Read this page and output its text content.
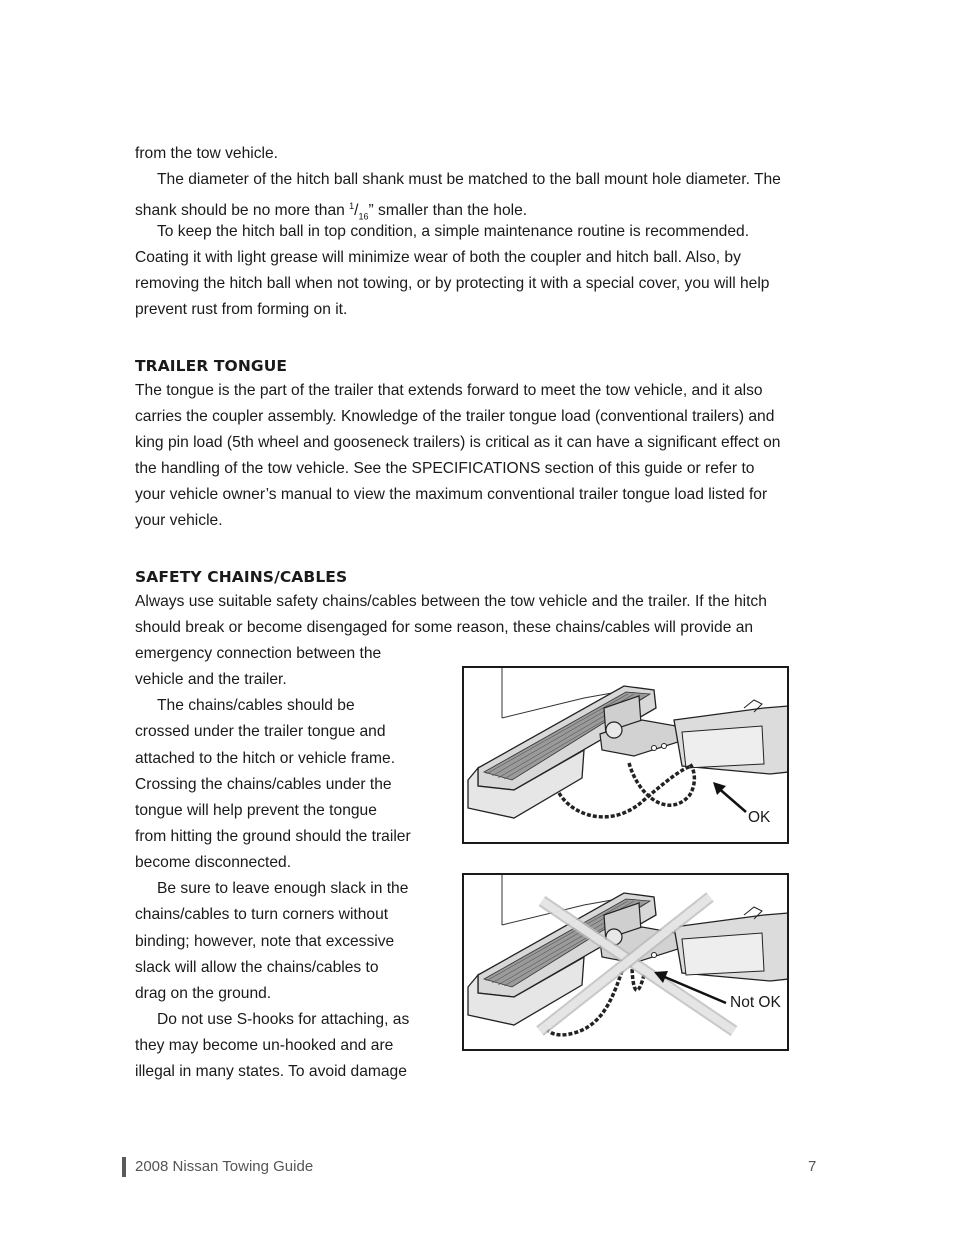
from the tow vehicle.
The diameter of the hitch ball shank must be matched to the ball mount hole diameter. The
shank should be no more than $^1/_{16}$” smaller than the hole.
To keep the hitch ball in top condition, a simple maintenance routine is recommended.
Coating it with light grease will minimize wear of both the coupler and hitch ball. Also, by
removing the hitch ball when not towing, or by protecting it with a special cover, you will help
prevent rust from forming on it.
TRAILER TONGUE
The tongue is the part of the trailer that extends forward to meet the tow vehicle, and it also
carries the coupler assembly. Knowledge of the trailer tongue load (conventional trailers) and
king pin load (5th wheel and gooseneck trailers) is critical as it can have a significant effect on
the handling of the tow vehicle. See the SPECIFICATIONS section of this guide or refer to
your vehicle owner’s manual to view the maximum conventional trailer tongue load listed for
your vehicle.
SAFETY CHAINS/CABLES
Always use suitable safety chains/cables between the tow vehicle and the trailer. If the hitch
should break or become disengaged for some reason, these chains/cables will provide an
emergency connection between the
vehicle and the trailer.
The chains/cables should be
crossed under the trailer tongue and
attached to the hitch or vehicle frame.
Crossing the chains/cables under the
tongue will help prevent the tongue
from hitting the ground should the trailer
become disconnected.
Be sure to leave enough slack in the
chains/cables to turn corners without
binding; however, note that excessive
slack will allow the chains/cables to
drag on the ground.
Do not use S-hooks for attaching, as
they may become un-hooked and are
illegal in many states. To avoid damage
OK
Not OK
2008 Nissan Towing Guide	7
